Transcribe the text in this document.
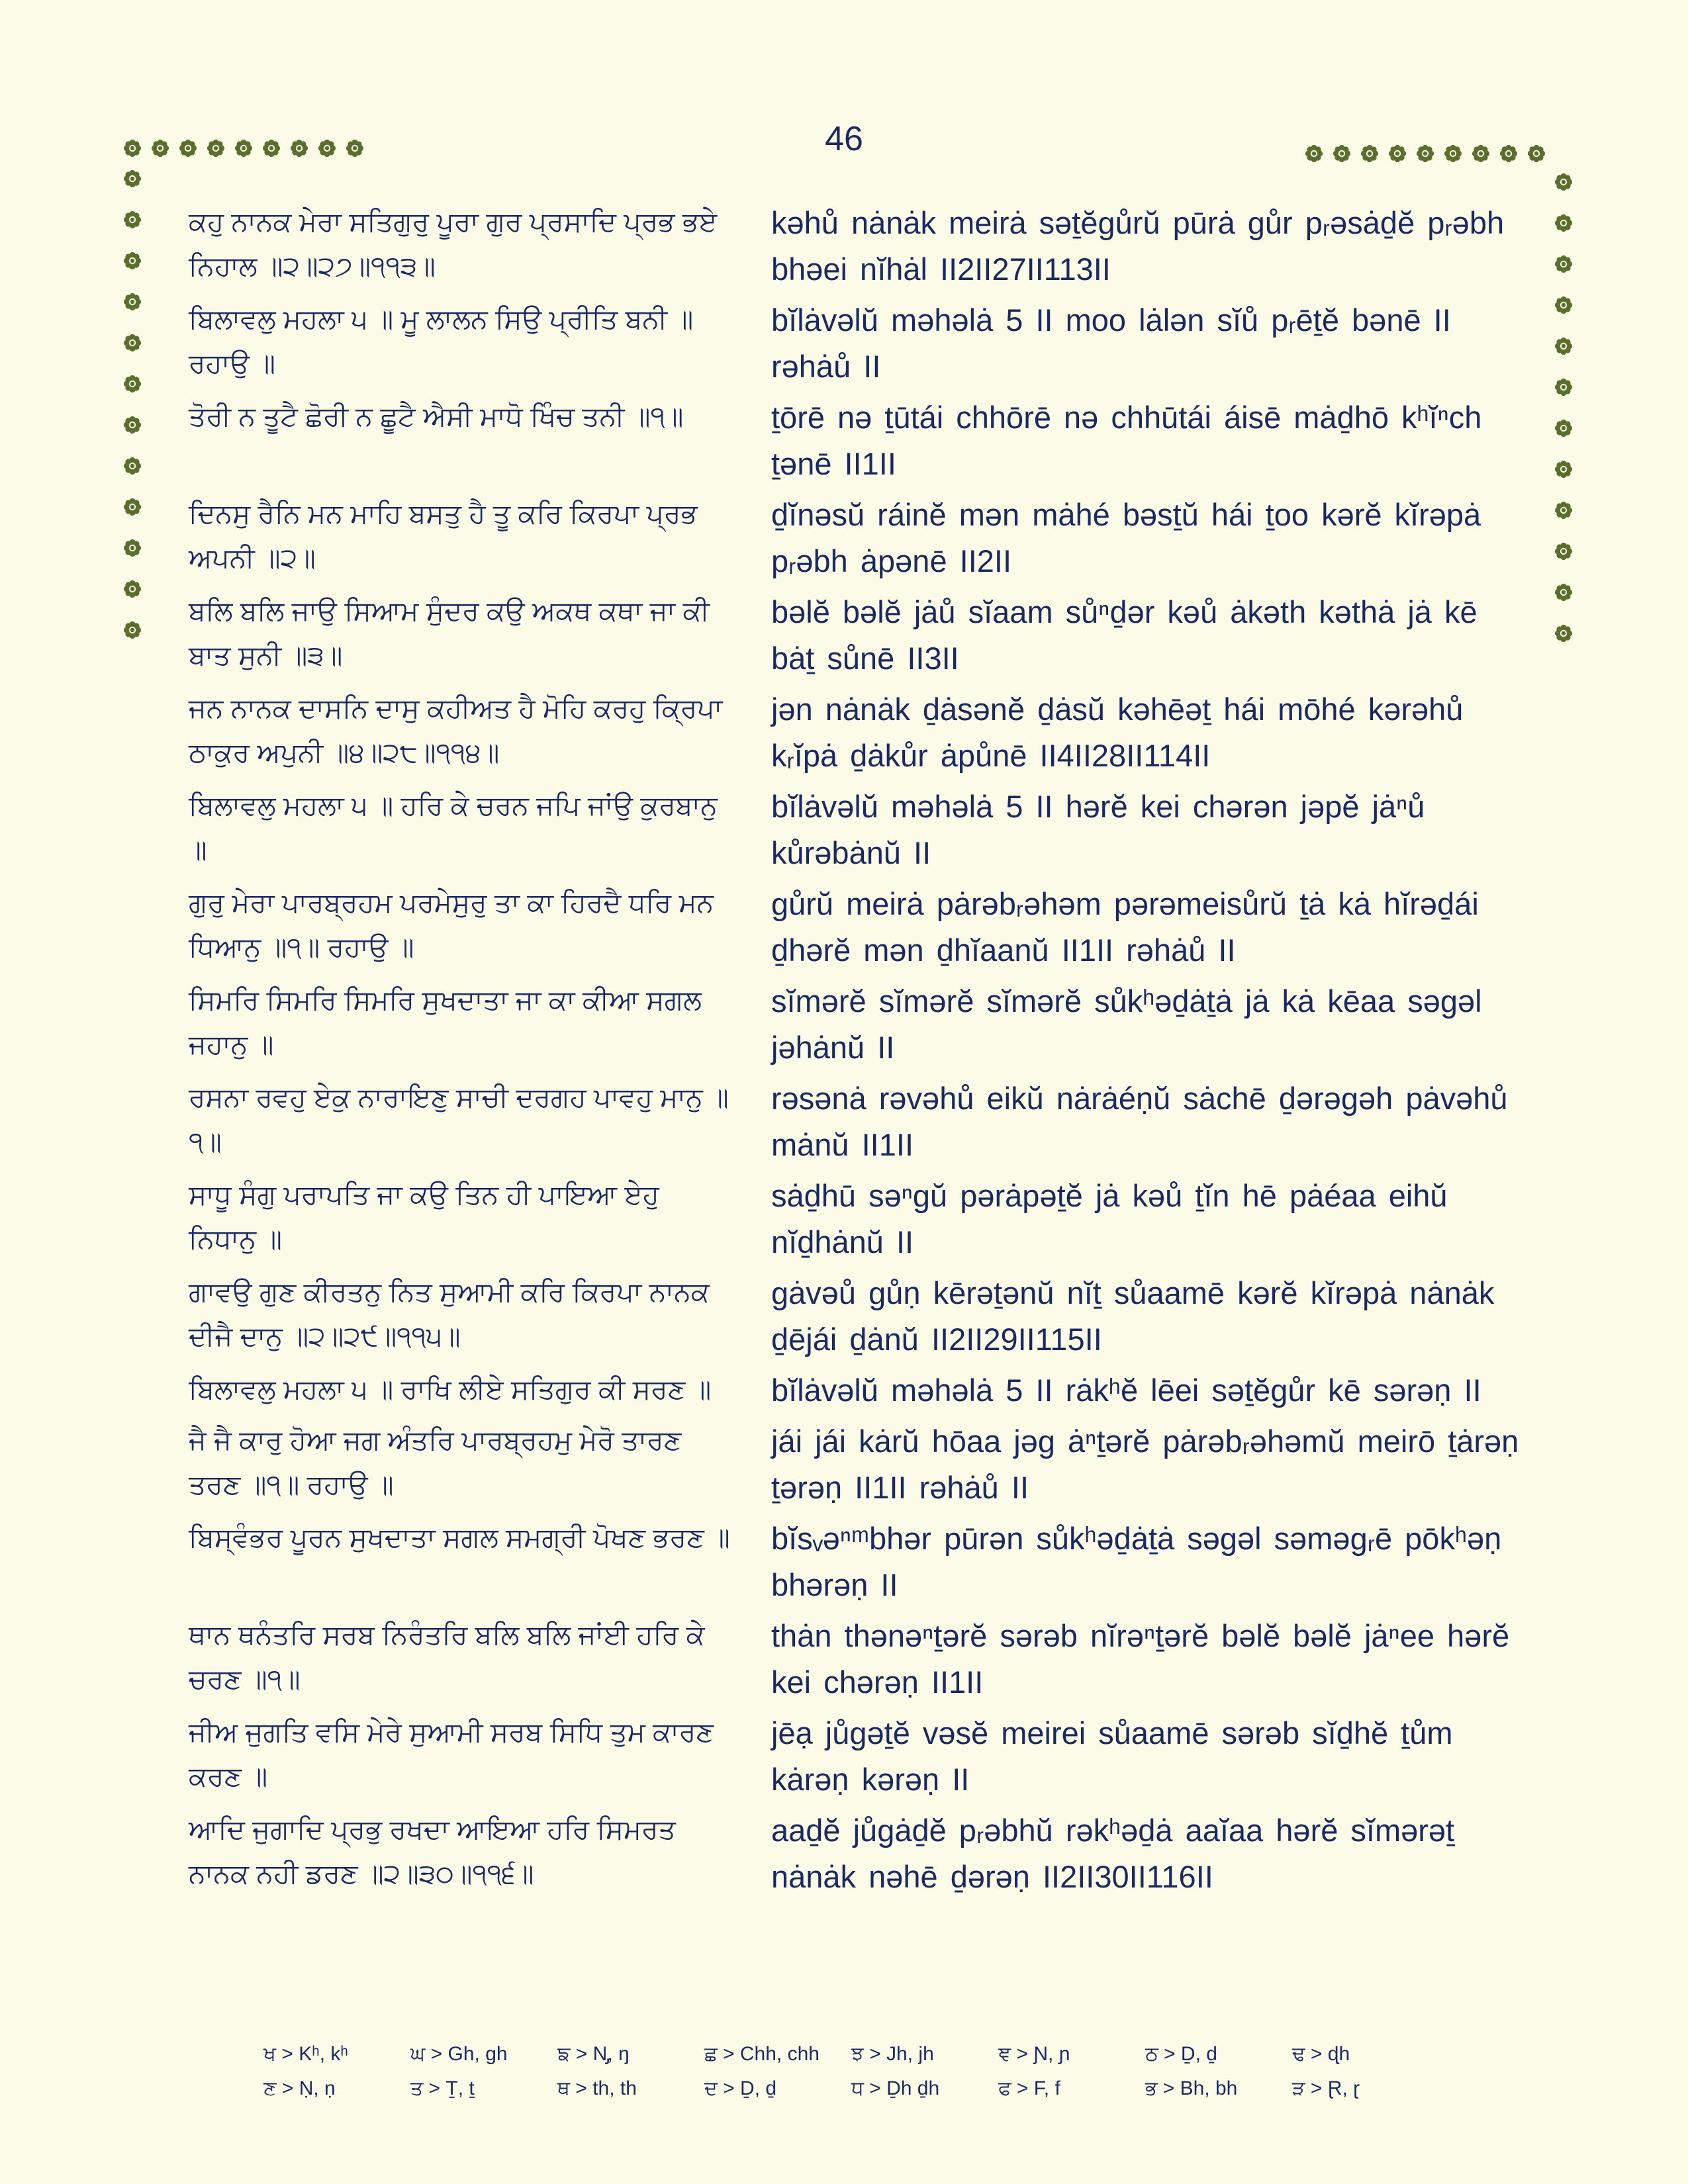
46
ਕਹੁ ਨਾਨਕ ਮੇਰਾ ਸਤਿਗੁਰੁ ਪੂਰਾ ਗੁਰ ਪ੍ਰਸਾਦਿ ਪ੍ਰਭ ਭਏ ਨਿਹਾਲ ॥੨॥੨੭॥੧੧੩॥
kəhů nȧnȧk meirȧ səṯĕgůrŭ pūrȧ gůr pᵣəsȧḏĕ pᵣəbh bhəei nĭhȧl II2II27II113II
ਬਿਲਾਵਲੁ ਮਹਲਾ ੫ ॥ ਮੂ ਲਾਲਨ ਸਿਉ ਪ੍ਰੀਤਿ ਬਨੀ ॥ ਰਹਾਉ ॥
bĭlȧvəlŭ məhəlȧ 5 II moo lȧlən sĭů pᵣēṯĕ bənē II rəhȧů II
ਤੋਰੀ ਨ ਤੂਟੈ ਛੋਰੀ ਨ ਛੂਟੈ ਐਸੀ ਮਾਧੋ ਖਿੰਚ ਤਨੀ ॥੧॥	ṯōrē nə ṯūtái chhōrē nə chhūtái áisē mȧḏhō kʰĭⁿch ṯənē II1II
ਦਿਨਸੁ ਰੈਨਿ ਮਨ ਮਾਹਿ ਬਸਤੁ ਹੈ ਤੂ ਕਰਿ ਕਿਰਪਾ ਪ੍ਰਭ ਅਪਨੀ ॥੨॥
ḏĭnəsŭ ráinĕ mən mȧhé bəsṯŭ hái ṯoo kərĕ kĭrəpȧ pᵣəbh ȧpənē II2II
ਬਲਿ ਬਲਿ ਜਾਉ ਸਿਆਮ ਸੁੰਦਰ ਕਉ ਅਕਥ ਕਥਾ ਜਾ ਕੀ ਬਾਤ ਸੁਨੀ ॥੩॥
bəlĕ bəlĕ jȧů sĭaam sůⁿḏər kəů ȧkəth kəthȧ jȧ kē bȧṯ sůnē II3II
ਜਨ ਨਾਨਕ ਦਾਸਨਿ ਦਾਸੁ ਕਹੀਅਤ ਹੈ ਮੋਹਿ ਕਰਹੁ ਕ੍ਰਿਪਾ ਠਾਕੁਰ ਅਪੁਨੀ ॥੪॥੨੮॥੧੧੪॥
jən nȧnȧk ḏȧsənĕ ḏȧsŭ kəhēəṯ hái mōhé kərəhů kᵣĭpȧ ḏȧkůr ȧpůnē II4II28II114II
ਬਿਲਾਵਲੁ ਮਹਲਾ ੫ ॥ ਹਰਿ ਕੇ ਚਰਨ ਜਪਿ ਜਾਂਉ ਕੁਰਬਾਨੁ ॥
bĭlȧvəlŭ məhəlȧ 5 II hərĕ kei chərən jəpĕ jȧⁿů kůrəbȧnŭ II
ਗੁਰੁ ਮੇਰਾ ਪਾਰਬ੍ਰਹਮ ਪਰਮੇਸੁਰੁ ਤਾ ਕਾ ਹਿਰਦੈ ਧਰਿ ਮਨ ਧਿਆਨੁ ॥੧॥ ਰਹਾਉ ॥
gůrŭ meirȧ pȧrəbᵣəhəm pərəmeisůrŭ ṯȧ kȧ hĭrəḏái ḏhərĕ mən ḏhĭaanŭ II1II rəhȧů II
ਸਿਮਰਿ ਸਿਮਰਿ ਸਿਮਰਿ ਸੁਖਦਾਤਾ ਜਾ ਕਾ ਕੀਆ ਸਗਲ ਜਹਾਨੁ ॥
sĭmərĕ sĭmərĕ sĭmərĕ sůkʰəḏȧṯȧ jȧ kȧ kēaa səgəl jəhȧnŭ II
ਰਸਨਾ ਰਵਹੁ ਏਕੁ ਨਾਰਾਇਣੁ ਸਾਚੀ ਦਰਗਹ ਪਾਵਹੁ ਮਾਨੁ ॥੧॥
rəsənȧ rəvəhů eikŭ nȧrȧéṇŭ sȧchē ḏərəgəh pȧvəhů mȧnŭ II1II
ਸਾਧੂ ਸੰਗੁ ਪਰਾਪਤਿ ਜਾ ਕਉ ਤਿਨ ਹੀ ਪਾਇਆ ਏਹੁ ਨਿਧਾਨੁ ॥
sȧḏhū səⁿgŭ pərȧpəṯĕ jȧ kəů ṯĭn hē pȧéaa eihŭ nĭḏhȧnŭ II
ਗਾਵਉ ਗੁਣ ਕੀਰਤਨੁ ਨਿਤ ਸੁਆਮੀ ਕਰਿ ਕਿਰਪਾ ਨਾਨਕ ਦੀਜੈ ਦਾਨੁ ॥੨॥੨੯॥੧੧੫॥
gȧvəů gůṇ kērəṯənŭ nĭṯ sůaamē kərĕ kĭrəpȧ nȧnȧk ḏējái ḏȧnŭ II2II29II115II
ਬਿਲਾਵਲੁ ਮਹਲਾ ੫ ॥ ਰਾਖਿ ਲੀਏ ਸਤਿਗੁਰ ਕੀ ਸਰਣ ॥	bĭlȧvəlŭ məhəlȧ 5 II rȧkʰĕ lēei səṯĕgůr kē sərəṇ II
ਜੈ ਜੈ ਕਾਰੁ ਹੋਆ ਜਗ ਅੰਤਰਿ ਪਾਰਬ੍ਰਹਮੁ ਮੇਰੋ ਤਾਰਣ ਤਰਣ ॥੧॥ ਰਹਾਉ ॥
jái jái kȧrŭ hōaa jəg ȧⁿṯərĕ pȧrəbᵣəhəmŭ meirō ṯȧrəṇ ṯərəṇ II1II rəhȧů II
ਬਿਸ੍ਵੰਭਰ ਪੂਰਨ ਸੁਖਦਾਤਾ ਸਗਲ ਸਮਗ੍ਰੀ ਪੋਖਣ ਭਰਣ ॥ bĭsᵥəⁿᵐbhər pūrən sůkʰəḏȧṯȧ səgəl səməgᵣē pōkʰəṇ bhərəṇ II
ਥਾਨ ਥਨੰਤਰਿ ਸਰਬ ਨਿਰੰਤਰਿ ਬਲਿ ਬਲਿ ਜਾਂਈ ਹਰਿ ਕੇ ਚਰਣ ॥੧॥
thȧn thənəⁿṯərĕ sərəb nĭrəⁿṯərĕ bəlĕ bəlĕ jȧⁿee hərĕ kei chərəṇ II1II
ਜੀਅ ਜੁਗਤਿ ਵਸਿ ਮੇਰੇ ਸੁਆਮੀ ਸਰਬ ਸਿਧਿ ਤੁਮ ਕਾਰਣ ਕਰਣ ॥
jēạ jůgəṯĕ vəsĕ meirei sůaamē sərəb sĭḏhĕ ṯům kȧrəṇ kərəṇ II
ਆਦਿ ਜੁਗਾਦਿ ਪ੍ਰਭੁ ਰਖਦਾ ਆਇਆ ਹਰਿ ਸਿਮਰਤ ਨਾਨਕ ਨਹੀ ਡਰਣ ॥੨॥੩੦॥੧੧੬॥
aaḏĕ jůgȧḏĕ pᵣəbhŭ rəkʰəḏȧ aaĭaa hərĕ sĭmərəṯ nȧnȧk nəhē ḏərəṇ II2II30II116II
ਖ > Kʰ, kʰ	ਘ > Gh, gh	ਙ > N̡, ŋ	ਛ > Chh, chh	ਝ > Jh, jh	ਞ > Ɲ, ɲ	ਠ > Ḏ, ḏ	ਢ > ɖh
ਣ > Ṇ, ṇ	ਤ > Ṯ, ṯ	ਥ > th, th	ਦ > Ḏ, ḏ	ਧ > Ḏh ḏh	ਫ > F, f	ਭ > Bh, bh	ੜ > Ɽ, ɽ
